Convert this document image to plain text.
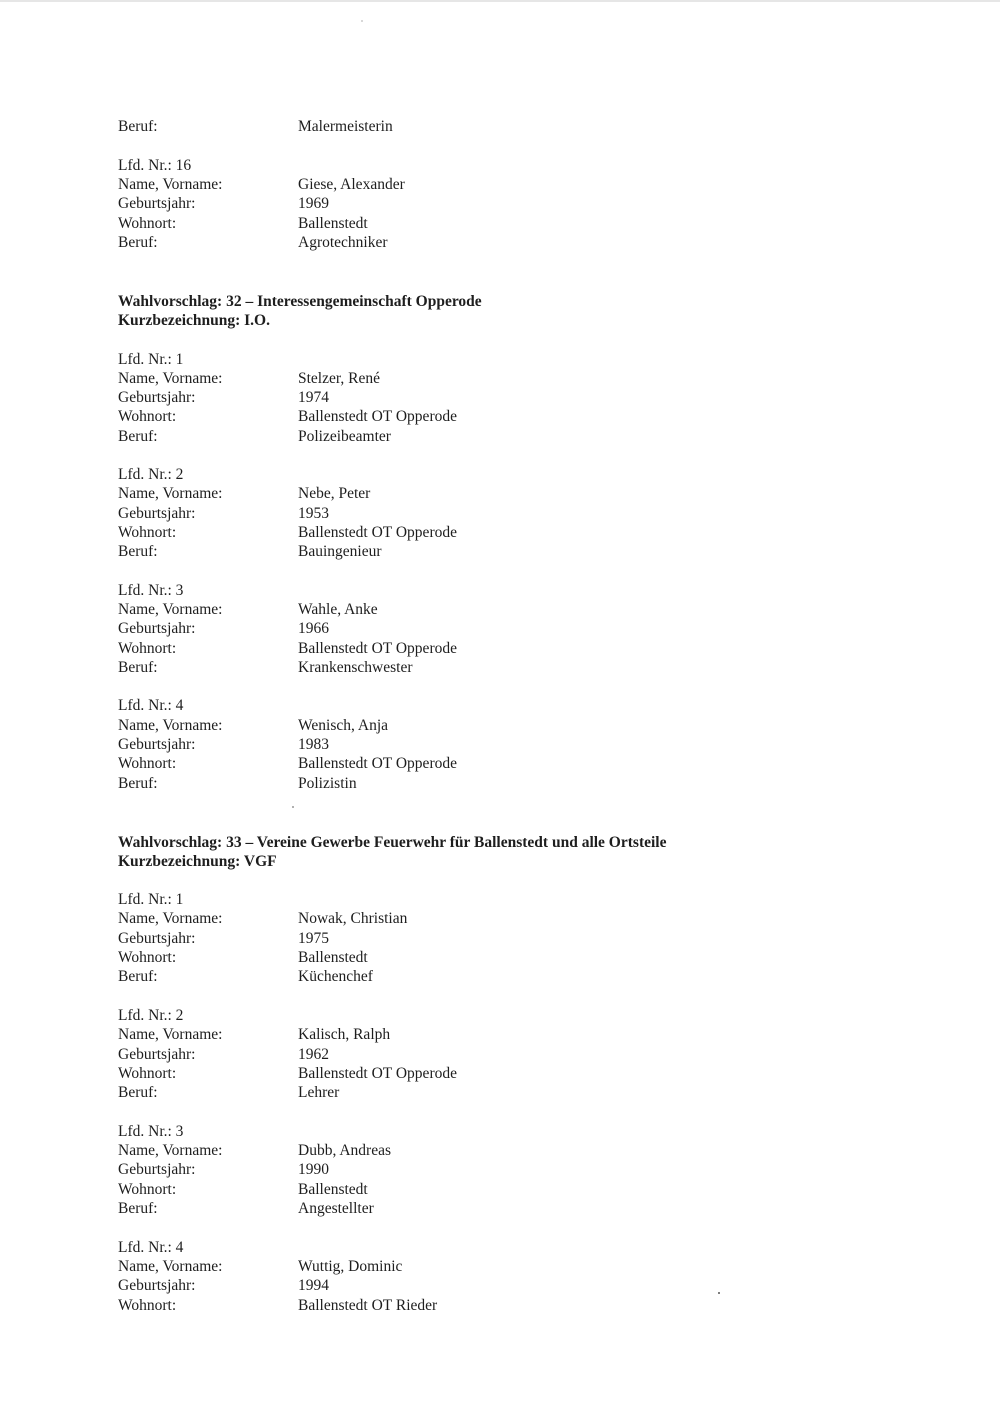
Beruf:	Malermeisterin
Lfd. Nr.: 16
Name, Vorname:	Giese, Alexander
Geburtsjahr:	1969
Wohnort:	Ballenstedt
Beruf:	Agrotechniker
Wahlvorschlag: 32 – Interessengemeinschaft Opperode
Kurzbezeichnung: I.O.
Lfd. Nr.: 1
Name, Vorname:	Stelzer, René
Geburtsjahr:	1974
Wohnort:	Ballenstedt OT Opperode
Beruf:	Polizeibeamter
Lfd. Nr.: 2
Name, Vorname:	Nebe, Peter
Geburtsjahr:	1953
Wohnort:	Ballenstedt OT Opperode
Beruf:	Bauingenieur
Lfd. Nr.: 3
Name, Vorname:	Wahle, Anke
Geburtsjahr:	1966
Wohnort:	Ballenstedt OT Opperode
Beruf:	Krankenschwester
Lfd. Nr.: 4
Name, Vorname:	Wenisch, Anja
Geburtsjahr:	1983
Wohnort:	Ballenstedt OT Opperode
Beruf:	Polizistin
Wahlvorschlag: 33 – Vereine Gewerbe Feuerwehr für Ballenstedt und alle Ortsteile
Kurzbezeichnung: VGF
Lfd. Nr.: 1
Name, Vorname:	Nowak, Christian
Geburtsjahr:	1975
Wohnort:	Ballenstedt
Beruf:	Küchenchef
Lfd. Nr.: 2
Name, Vorname:	Kalisch, Ralph
Geburtsjahr:	1962
Wohnort:	Ballenstedt OT Opperode
Beruf:	Lehrer
Lfd. Nr.: 3
Name, Vorname:	Dubb, Andreas
Geburtsjahr:	1990
Wohnort:	Ballenstedt
Beruf:	Angestellter
Lfd. Nr.: 4
Name, Vorname:	Wuttig, Dominic
Geburtsjahr:	1994
Wohnort:	Ballenstedt OT Rieder
